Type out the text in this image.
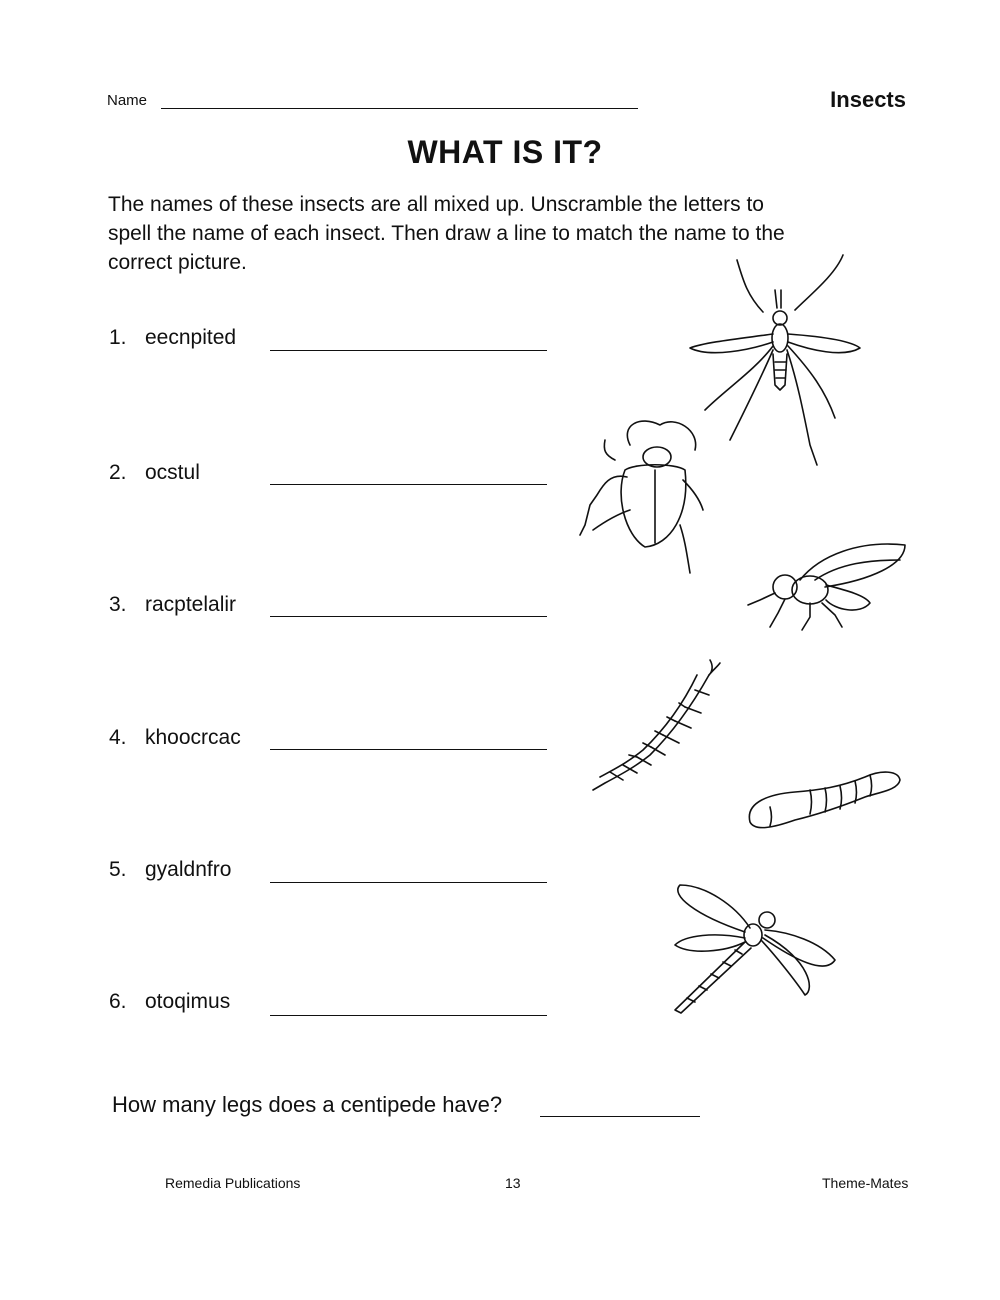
Name	Insects
WHAT IS IT?
The names of these insects are all mixed up. Unscramble the letters to
spell the name of each insect. Then draw a line to match the name to the
correct picture.
1. eecnpited
2. ocstul
3. racptelalir
4. khoocrcac
5. gyaldnfro
6. otoqimus
How many legs does a centipede have?
Remedia Publications	13	Theme-Mates
